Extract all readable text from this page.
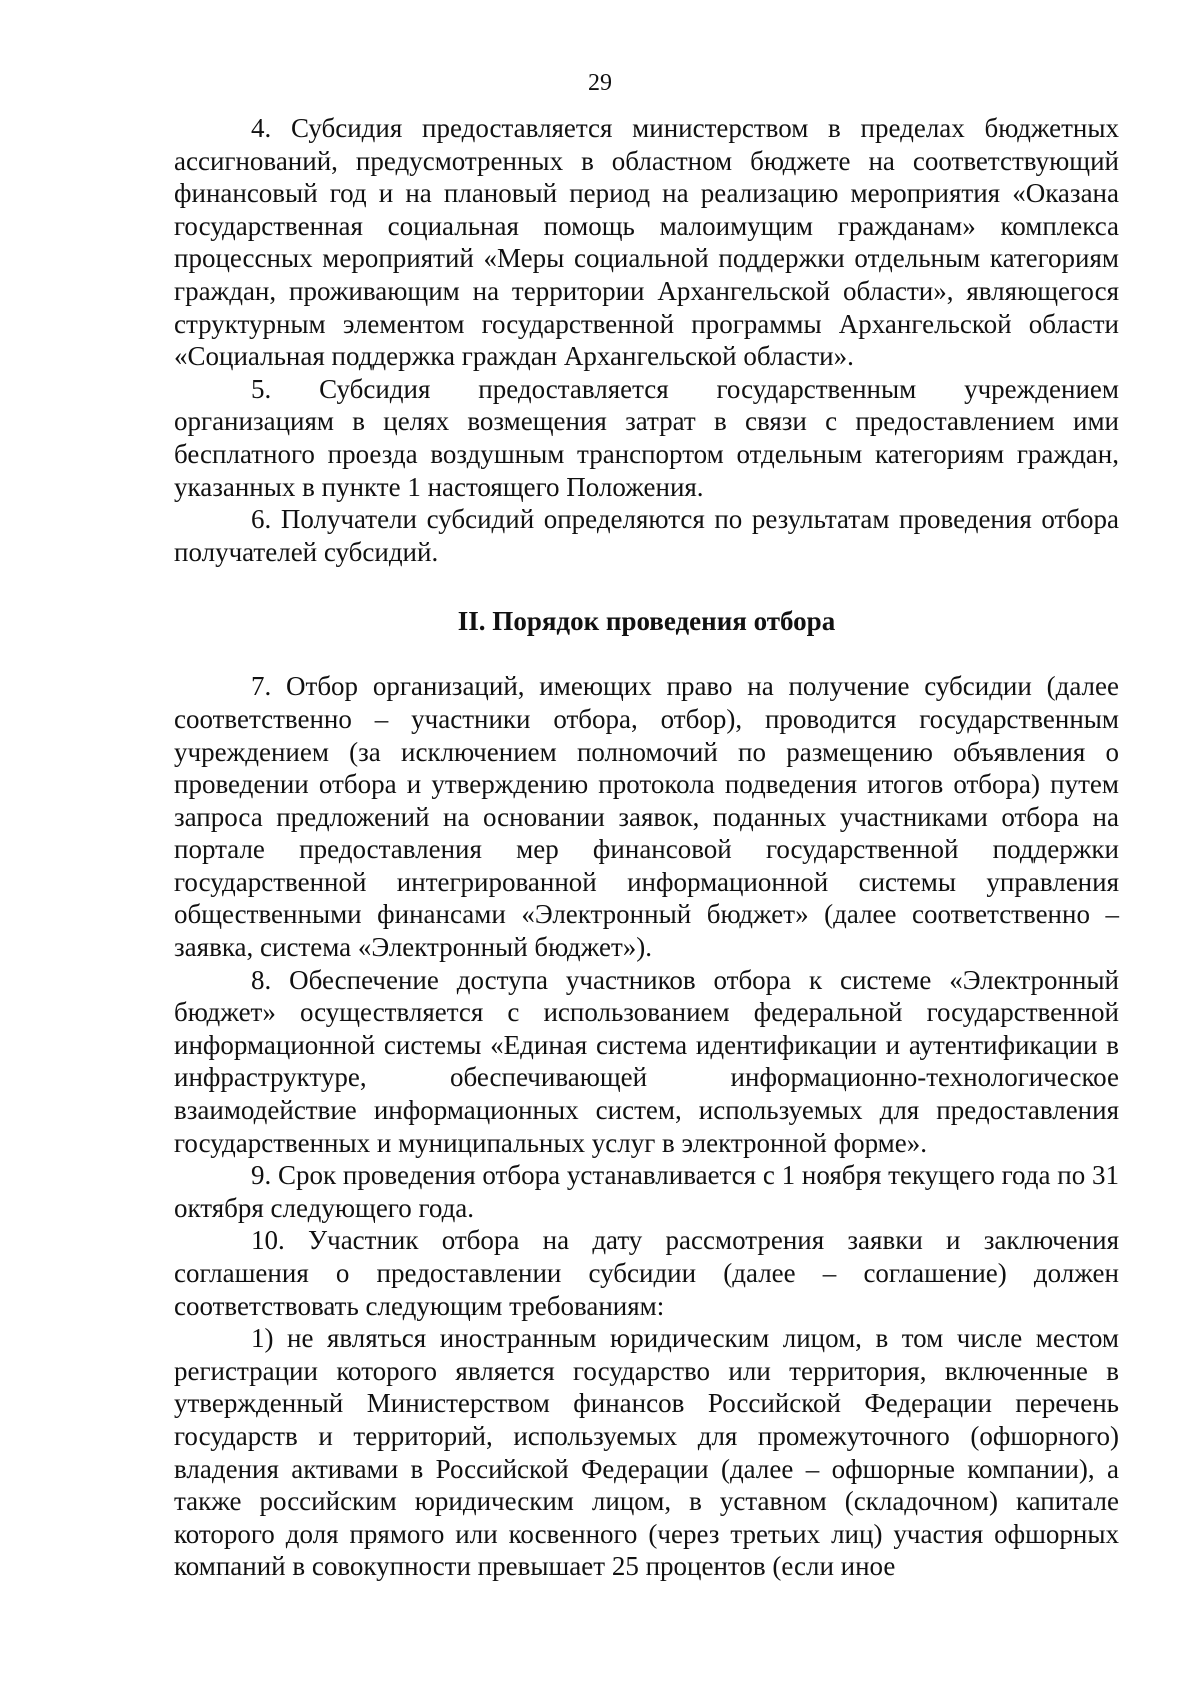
29

4. Субсидия предоставляется министерством в пределах бюджетных ассигнований, предусмотренных в областном бюджете на соответствующий финансовый год и на плановый период на реализацию мероприятия «Оказана государственная социальная помощь малоимущим гражданам» комплекса процессных мероприятий «Меры социальной поддержки отдельным категориям граждан, проживающим на территории Архангельской области», являющегося структурным элементом государственной программы Архангельской области «Социальная поддержка граждан Архангельской области».

5. Субсидия предоставляется государственным учреждением организациям в целях возмещения затрат в связи с предоставлением ими бесплатного проезда воздушным транспортом отдельным категориям граждан, указанных в пункте 1 настоящего Положения.

6. Получатели субсидий определяются по результатам проведения отбора получателей субсидий.

II. Порядок проведения отбора

7. Отбор организаций, имеющих право на получение субсидии (далее соответственно – участники отбора, отбор), проводится государственным учреждением (за исключением полномочий по размещению объявления о проведении отбора и утверждению протокола подведения итогов отбора) путем запроса предложений на основании заявок, поданных участниками отбора на портале предоставления мер финансовой государственной поддержки государственной интегрированной информационной системы управления общественными финансами «Электронный бюджет» (далее соответственно – заявка, система «Электронный бюджет»).

8. Обеспечение доступа участников отбора к системе «Электронный бюджет» осуществляется с использованием федеральной государственной информационной системы «Единая система идентификации и аутентификации в инфраструктуре, обеспечивающей информационно-технологическое взаимодействие информационных систем, используемых для предоставления государственных и муниципальных услуг в электронной форме».

9. Срок проведения отбора устанавливается с 1 ноября текущего года по 31 октября следующего года.

10. Участник отбора на дату рассмотрения заявки и заключения соглашения о предоставлении субсидии (далее – соглашение) должен соответствовать следующим требованиям:

1) не являться иностранным юридическим лицом, в том числе местом регистрации которого является государство или территория, включенные в утвержденный Министерством финансов Российской Федерации перечень государств и территорий, используемых для промежуточного (офшорного) владения активами в Российской Федерации (далее – офшорные компании), а также российским юридическим лицом, в уставном (складочном) капитале которого доля прямого или косвенного (через третьих лиц) участия офшорных компаний в совокупности превышает 25 процентов (если иное
